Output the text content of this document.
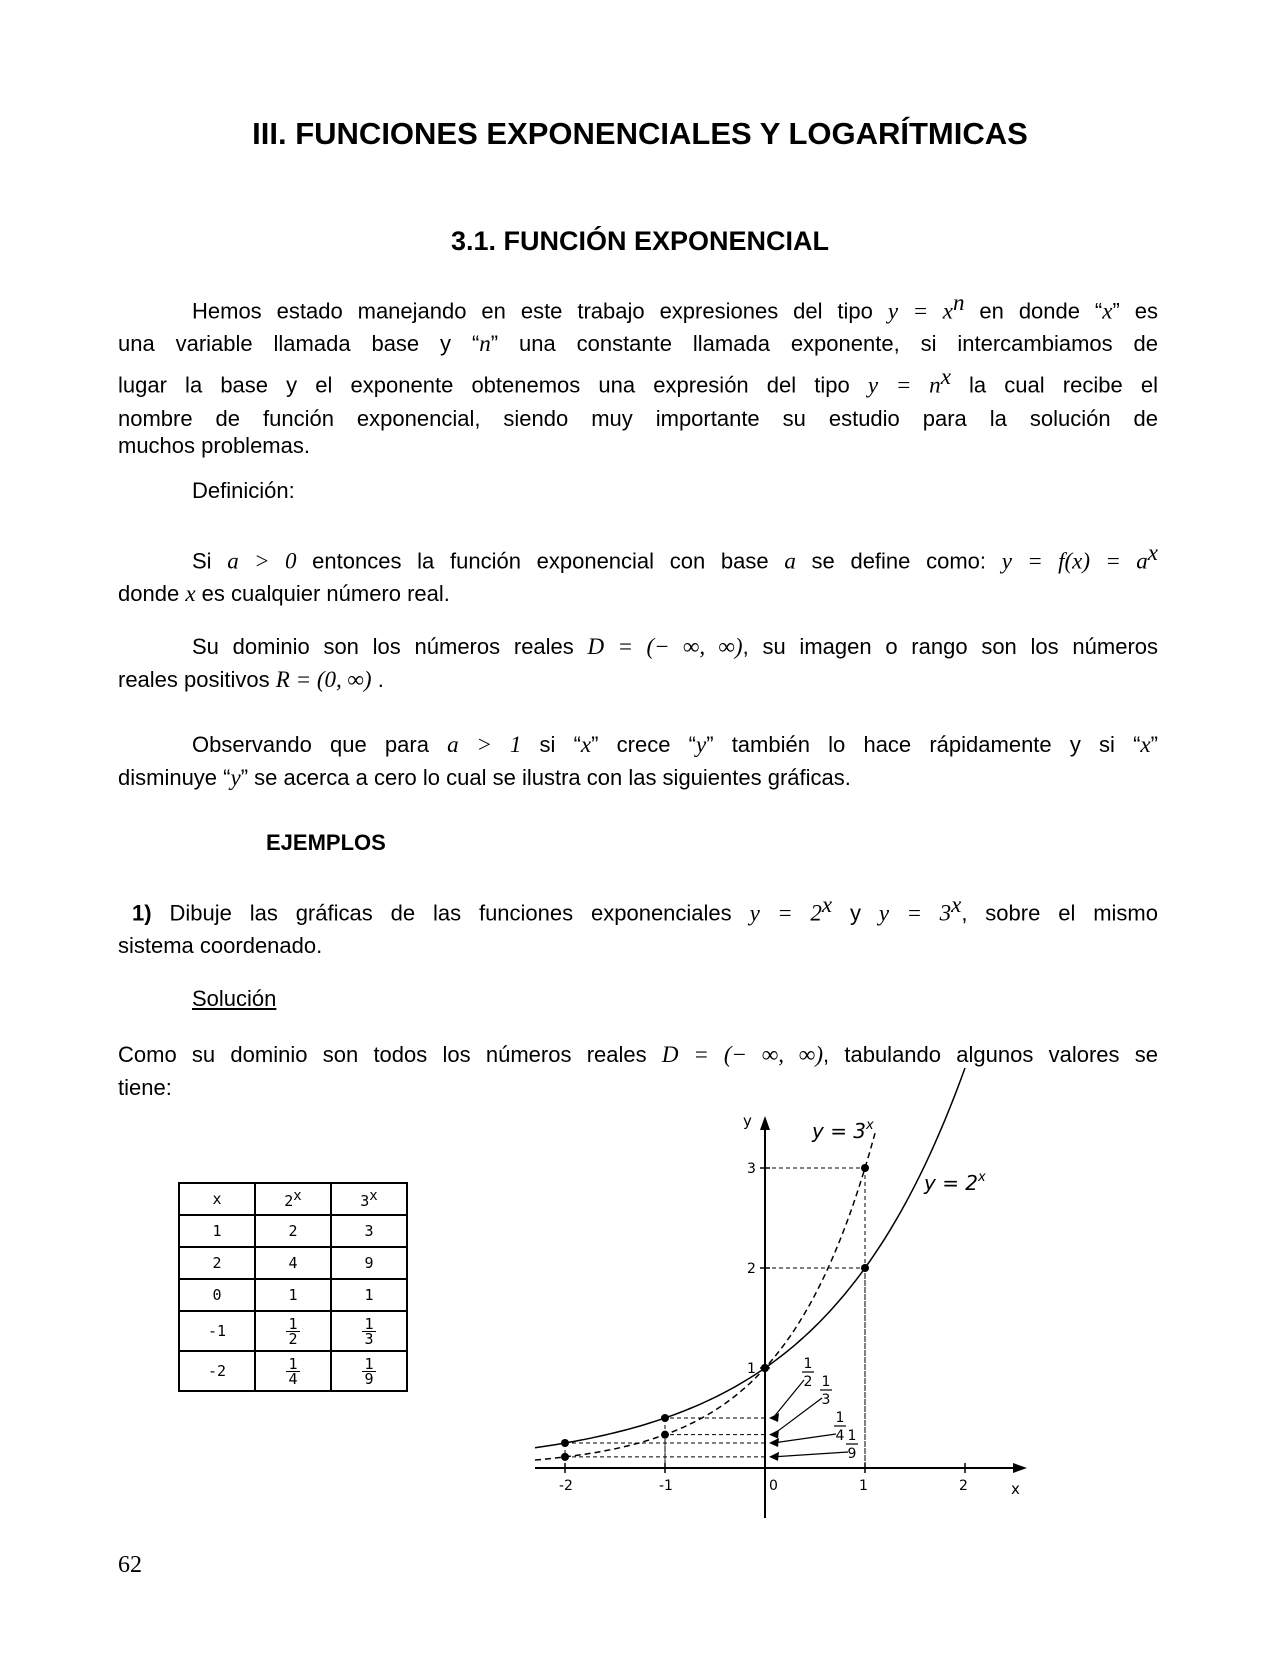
III. FUNCIONES EXPONENCIALES Y LOGARÍTMICAS
3.1. FUNCIÓN EXPONENCIAL
Hemos estado manejando en este trabajo expresiones del tipo $y = x^n$ en donde “x” es
una variable llamada base y “n” una constante llamada exponente, si intercambiamos de
lugar la base y el exponente obtenemos una expresión del tipo $y = n^x$ la cual recibe el
nombre de función exponencial, siendo muy importante su estudio para la solución de
muchos problemas.
Definición:
Si a > 0 entonces la función exponencial con base a se define como: $y = f(x) = a^x$
donde x es cualquier número real.
Su dominio son los números reales D = (− ∞, ∞), su imagen o rango son los números
reales positivos R = (0, ∞) .
Observando que para a > 1 si “x” crece “y” también lo hace rápidamente y si “x”
disminuye “y” se acerca a cero lo cual se ilustra con las siguientes gráficas.
EJEMPLOS
1) Dibuje las gráficas de las funciones exponenciales $y = 2^x$ y $y = 3^x$, sobre el mismo
sistema coordenado.
Solución
Como su dominio son todos los números reales D = (− ∞, ∞), tabulando algunos valores se
tiene:
x	2$^x$	3$^x$
1	2	3
2	4	9
0	1	1
-1	$\frac{1}{2}$	$\frac{1}{3}$

-2	$\frac{1}{4}$	$\frac{1}{9}$
x
y
-2	-1	0	1	2
1
2
3
$y = 3^x$
$y = 2^x$
1
2 1
3
1
4 1
9
62
